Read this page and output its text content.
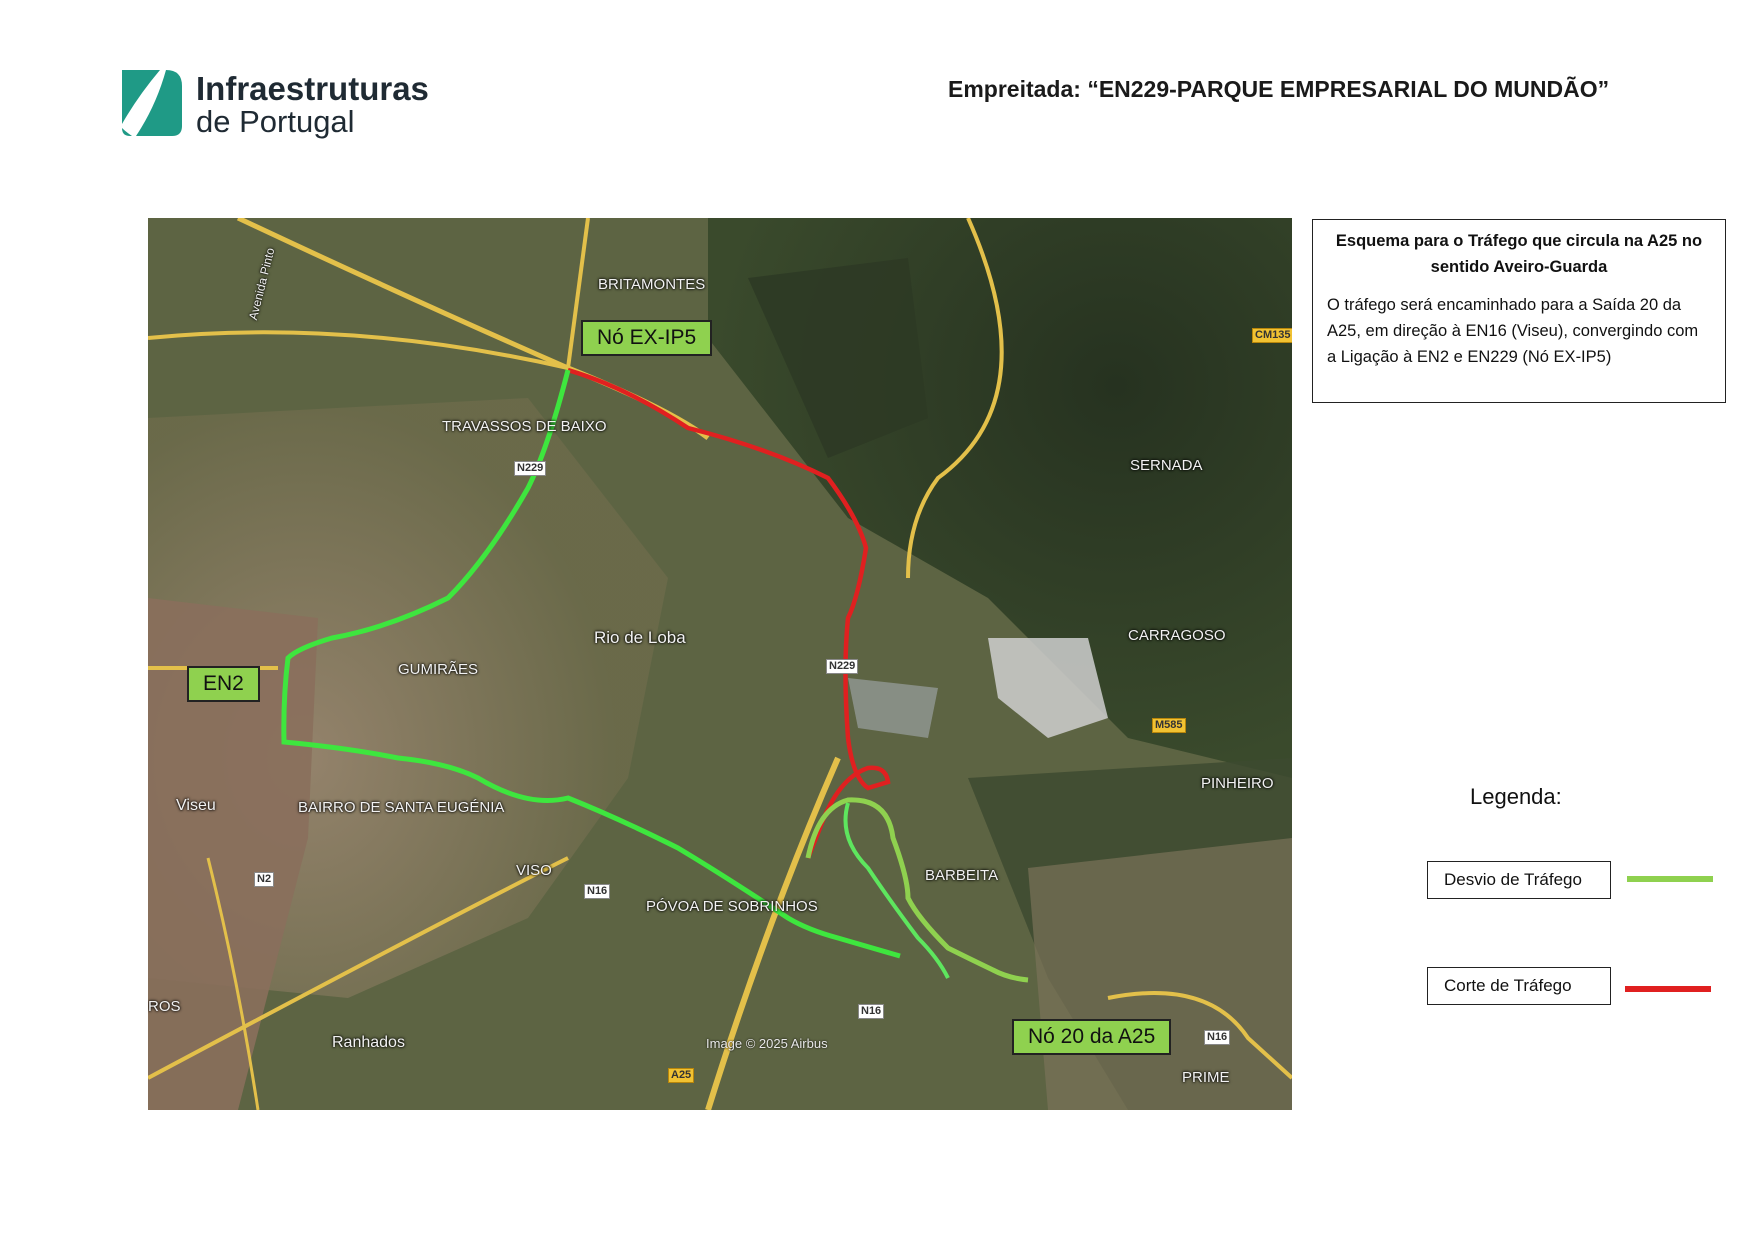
Infraestruturas
de Portugal
Empreitada: “EN229-PARQUE EMPRESARIAL DO MUNDÃO”
BRITAMONTES
TRAVASSOS DE BAIXO
SERNADA
Rio de Loba
GUMIRÃES
CARRAGOSO
PINHEIRO
Viseu	BAIRRO DE SANTA EUGÉNIA
VISO
PÓVOA DE SOBRINHOS
BARBEITA
ROS
Ranhados
PRIME
Avenida Pinto
N229
N229
N2
N16
N16
N16
A25
M585
CM135
Image © 2025 Airbus
Nó EX-IP5
EN2
Nó 20 da A25
Esquema para o Tráfego que circula na A25 no sentido Aveiro-Guarda
O tráfego será encaminhado para a Saída 20 da A25, em direção à EN16 (Viseu), convergindo com a Ligação à EN2 e EN229 (Nó EX-IP5)
Legenda:
Desvio de Tráfego
Corte de Tráfego
